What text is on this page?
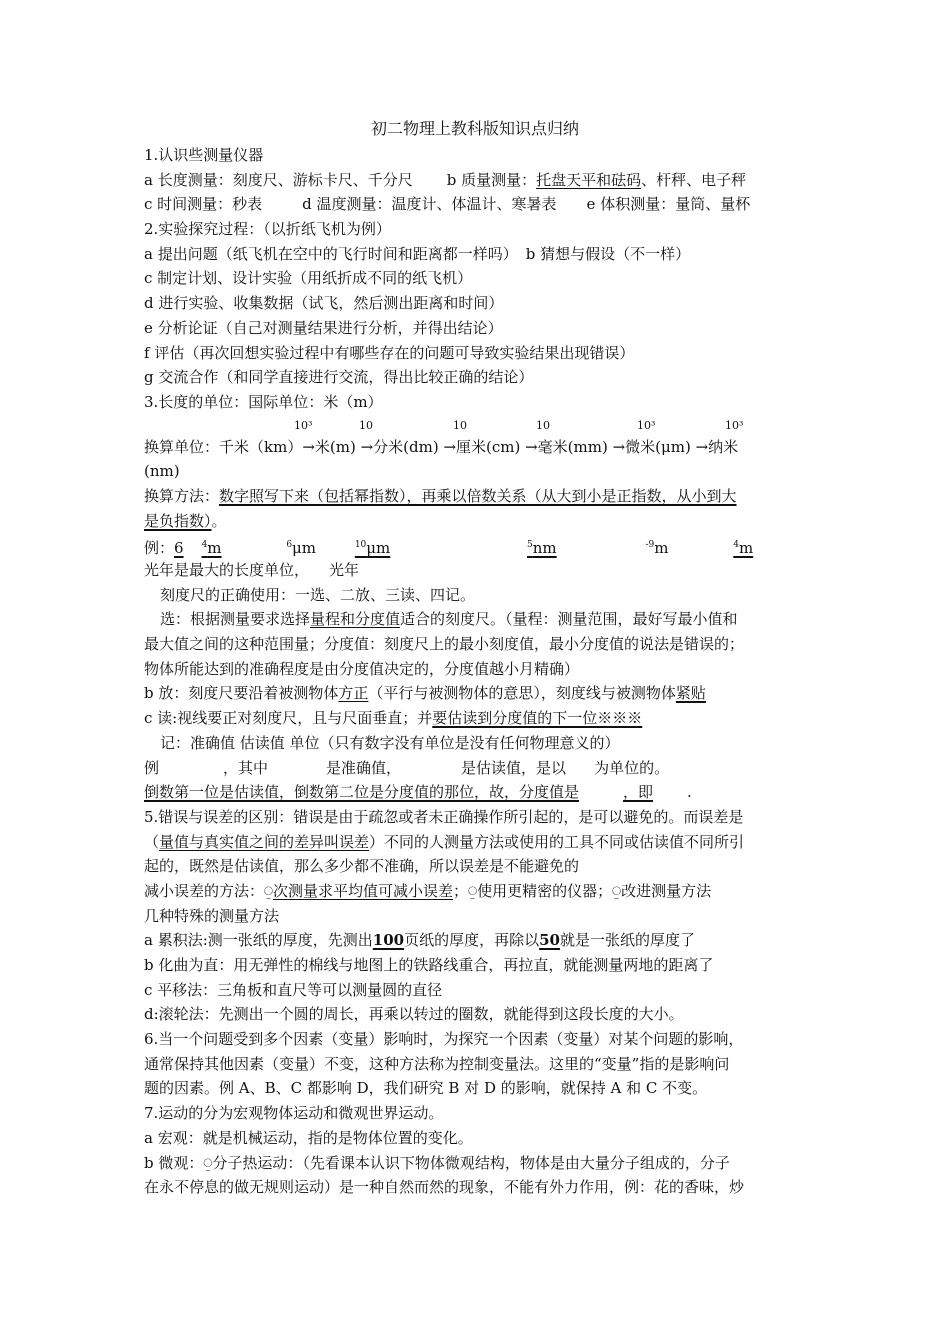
初二物理上教科版知识点归纳
1.认识些测量仪器
a 长度测量：刻度尺、游标卡尺、千分尺 b 质量测量：托盘天平和砝码、杆秤、电子秤
c 时间测量：秒表	d 温度测量：温度计、体温计、寒暑表 e 体积测量：量筒、量杯
2.实验探究过程：（以折纸飞机为例）
a 提出问题（纸飞机在空中的飞行时间和距离都一样吗） b 猜想与假设（不一样）
c 制定计划、设计实验（用纸折成不同的纸飞机）
d 进行实验、收集数据（试飞，然后测出距离和时间）
e 分析论证（自己对测量结果进行分析，并得出结论）
f 评估（再次回想实验过程中有哪些存在的问题可导致实验结果出现错误）
g 交流合作（和同学直接进行交流，得出比较正确的结论）
3.长度的单位：国际单位：米（m）
10³	10	10	10	10³	10³
换算单位：千米（km）→米(m) →分米(dm) →厘米(cm) →毫米(mm) →微米(μm) →纳米
(nm)
换算方法：数字照写下来（包括幂指数），再乘以倍数关系（从大到小是正指数，从小到大
是负指数）。
例：6 $^4$m	$^6$μm	$^{10}$μm	$^5$nm	$^{-9}$m	$^4$m
光年是最大的长度单位， 光年
刻度尺的正确使用：一选、二放、三读、四记。
选：根据测量要求选择量程和分度值适合的刻度尺。（量程：测量范围，最好写最小值和
最大值之间的这种范围量；分度值：刻度尺上的最小刻度值，最小分度值的说法是错误的；
物体所能达到的准确程度是由分度值决定的，分度值越小月精确）
b 放：刻度尺要沿着被测物体方正（平行与被测物体的意思），刻度线与被测物体紧贴
c 读:视线要正对刻度尺，且与尺面垂直；并要估读到分度值的下一位※※※
记：准确值 估读值 单位（只有数字没有单位是没有任何物理意义的）
例	，其中	是准确值，	是估读值，是以 为单位的。
倒数第一位是估读值，倒数第二位是分度值的那位，故，分度值是	，即 .
5.错误与误差的区别：错误是由于疏忽或者未正确操作所引起的，是可以避免的。而误差是
（量值与真实值之间的差异叫误差）不同的人测量方法或使用的工具不同或估读值不同所引
起的，既然是估读值，那么多少都不准确，所以误差是不能避免的
减小误差的方法：⍜次测量求平均值可减小误差；⍜使用更精密的仪器；⍜改进测量方法
几种特殊的测量方法
a 累积法:测一张纸的厚度，先测出100页纸的厚度，再除以50就是一张纸的厚度了
b 化曲为直：用无弹性的棉线与地图上的铁路线重合，再拉直，就能测量两地的距离了
c 平移法：三角板和直尺等可以测量圆的直径
d:滚轮法：先测出一个圆的周长，再乘以转过的圈数，就能得到这段长度的大小。
6.当一个问题受到多个因素（变量）影响时，为探究一个因素（变量）对某个问题的影响，
通常保持其他因素（变量）不变，这种方法称为控制变量法。这里的“变量”指的是影响问
题的因素。例 A、B、C 都影响 D，我们研究 B 对 D 的影响，就保持 A 和 C 不变。
7.运动的分为宏观物体运动和微观世界运动。
a 宏观：就是机械运动，指的是物体位置的变化。
b 微观：⍜分子热运动：（先看课本认识下物体微观结构，物体是由大量分子组成的，分子
在永不停息的做无规则运动）是一种自然而然的现象，不能有外力作用，例：花的香味，炒
